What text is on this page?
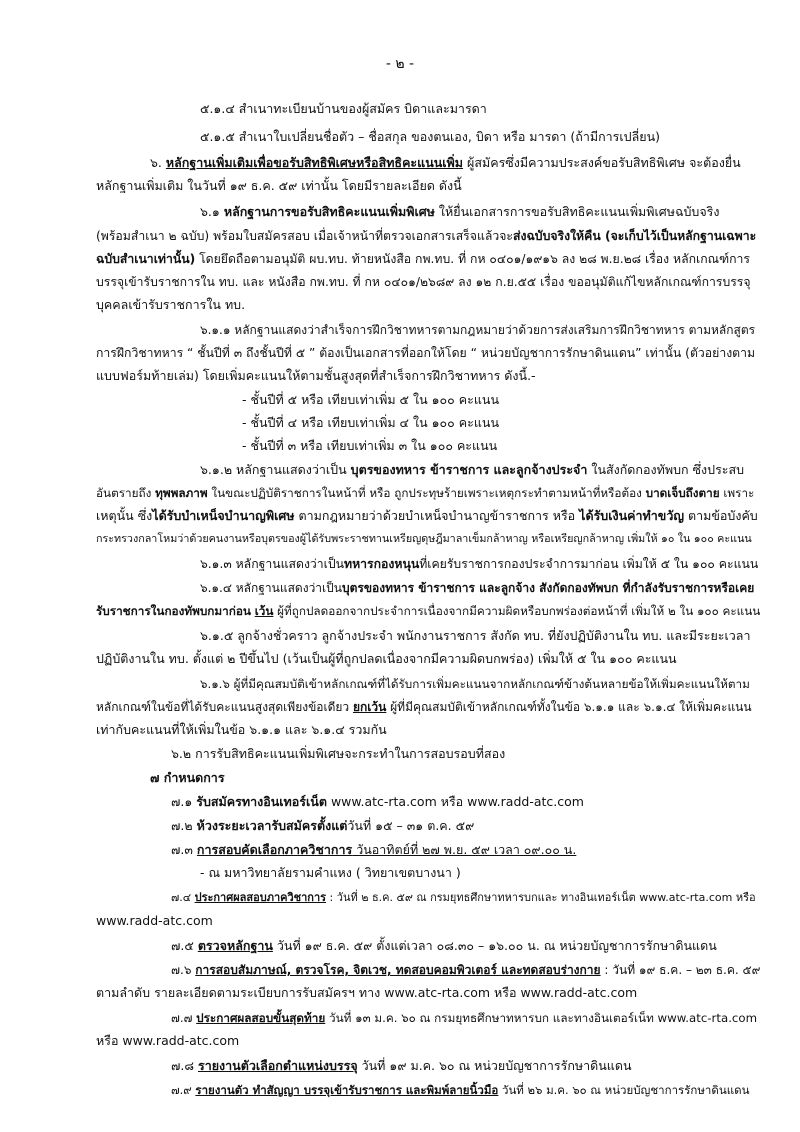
- ๒ -
๕.๑.๔ สำเนาทะเบียนบ้านของผู้สมัคร บิดาและมารดา
๕.๑.๕ สำเนาใบเปลี่ยนชื่อตัว – ชื่อสกุล ของตนเอง, บิดา หรือ มารดา (ถ้ามีการเปลี่ยน)
๖. หลักฐานเพิ่มเติมเพื่อขอรับสิทธิพิเศษหรือสิทธิคะแนนเพิ่ม ผู้สมัครซึ่งมีความประสงค์ขอรับสิทธิพิเศษ จะต้องยื่น
หลักฐานเพิ่มเติม ในวันที่ ๑๙ ธ.ค. ๕๙ เท่านั้น โดยมีรายละเอียด ดังนี้
๖.๑ หลักฐานการขอรับสิทธิคะแนนเพิ่มพิเศษ ให้ยื่นเอกสารการขอรับสิทธิคะแนนเพิ่มพิเศษฉบับจริง
(พร้อมสำเนา ๒ ฉบับ) พร้อมใบสมัครสอบ เมื่อเจ้าหน้าที่ตรวจเอกสารเสร็จแล้วจะส่งฉบับจริงให้คืน (จะเก็บไว้เป็นหลักฐานเฉพาะ
ฉบับสำเนาเท่านั้น) โดยยึดถือตามอนุมัติ ผบ.ทบ. ท้ายหนังสือ กพ.ทบ. ที่ กห ๐๔๐๑/๑๙๑๖ ลง ๒๘ พ.ย.๒๘ เรื่อง หลักเกณฑ์การ
บรรจุเข้ารับราชการใน ทบ. และ หนังสือ กพ.ทบ. ที่ กห ๐๔๐๑/๒๖๘๙ ลง ๑๒ ก.ย.๕๕ เรื่อง ขออนุมัติแก้ไขหลักเกณฑ์การบรรจุ
บุคคลเข้ารับราชการใน ทบ.
๖.๑.๑ หลักฐานแสดงว่าสำเร็จการฝึกวิชาทหารตามกฎหมายว่าด้วยการส่งเสริมการฝึกวิชาทหาร ตามหลักสูตร
การฝึกวิชาทหาร “ ชั้นปีที่ ๓ ถึงชั้นปีที่ ๕ ” ต้องเป็นเอกสารที่ออกให้โดย “ หน่วยบัญชาการรักษาดินแดน” เท่านั้น (ตัวอย่างตาม
แบบฟอร์มท้ายเล่ม) โดยเพิ่มคะแนนให้ตามชั้นสูงสุดที่สำเร็จการฝึกวิชาทหาร ดังนี้.-
- ชั้นปีที่ ๕ หรือ เทียบเท่าเพิ่ม ๕ ใน ๑๐๐ คะแนน
- ชั้นปีที่ ๔ หรือ เทียบเท่าเพิ่ม ๔ ใน ๑๐๐ คะแนน
- ชั้นปีที่ ๓ หรือ เทียบเท่าเพิ่ม ๓ ใน ๑๐๐ คะแนน
๖.๑.๒ หลักฐานแสดงว่าเป็น บุตรของทหาร ข้าราชการ และลูกจ้างประจำ ในสังกัดกองทัพบก ซึ่งประสบ
อันตรายถึง ทุพพลภาพ ในขณะปฏิบัติราชการในหน้าที่ หรือ ถูกประทุษร้ายเพราะเหตุกระทำตามหน้าที่หรือต้อง บาดเจ็บถึงตาย เพราะ
เหตุนั้น ซึ่งได้รับบำเหน็จบำนาญพิเศษ ตามกฎหมายว่าด้วยบำเหน็จบำนาญข้าราชการ หรือ ได้รับเงินค่าทำขวัญ ตามข้อบังคับ
กระทรวงกลาโหมว่าด้วยคนงานหรือบุตรของผู้ได้รับพระราชทานเหรียญดุษฎีมาลาเข็มกล้าหาญ หรือเหรียญกล้าหาญ เพิ่มให้ ๑๐ ใน ๑๐๐ คะแนน
๖.๑.๓ หลักฐานแสดงว่าเป็นทหารกองหนุนที่เคยรับราชการกองประจำการมาก่อน เพิ่มให้ ๕ ใน ๑๐๐ คะแนน
๖.๑.๔ หลักฐานแสดงว่าเป็นบุตรของทหาร ข้าราชการ และลูกจ้าง สังกัดกองทัพบก ที่กำลังรับราชการหรือเคย
รับราชการในกองทัพบกมาก่อน เว้น ผู้ที่ถูกปลดออกจากประจำการเนื่องจากมีความผิดหรือบกพร่องต่อหน้าที่ เพิ่มให้ ๒ ใน ๑๐๐ คะแนน
๖.๑.๕ ลูกจ้างชั่วคราว ลูกจ้างประจำ พนักงานราชการ สังกัด ทบ. ที่ยังปฏิบัติงานใน ทบ. และมีระยะเวลา
ปฏิบัติงานใน ทบ. ตั้งแต่ ๒ ปีขึ้นไป (เว้นเป็นผู้ที่ถูกปลดเนื่องจากมีความผิดบกพร่อง) เพิ่มให้ ๕ ใน ๑๐๐ คะแนน
๖.๑.๖ ผู้ที่มีคุณสมบัติเข้าหลักเกณฑ์ที่ได้รับการเพิ่มคะแนนจากหลักเกณฑ์ข้างต้นหลายข้อให้เพิ่มคะแนนให้ตาม
หลักเกณฑ์ในข้อที่ได้รับคะแนนสูงสุดเพียงข้อเดียว ยกเว้น ผู้ที่มีคุณสมบัติเข้าหลักเกณฑ์ทั้งในข้อ ๖.๑.๑ และ ๖.๑.๔ ให้เพิ่มคะแนน
เท่ากับคะแนนที่ให้เพิ่มในข้อ ๖.๑.๑ และ ๖.๑.๔ รวมกัน
๖.๒ การรับสิทธิคะแนนเพิ่มพิเศษจะกระทำในการสอบรอบที่สอง
๗ กำหนดการ
๗.๑ รับสมัครทางอินเทอร์เน็ต www.atc-rta.com หรือ www.radd-atc.com
๗.๒ ห้วงระยะเวลารับสมัครตั้งแต่วันที่ ๑๕ – ๓๑ ต.ค. ๕๙
๗.๓ การสอบคัดเลือกภาควิชาการ วันอาทิตย์ที่ ๒๗ พ.ย. ๕๙ เวลา ๐๙.๐๐ น.
- ณ มหาวิทยาลัยรามคำแหง ( วิทยาเขตบางนา )
๗.๔ ประกาศผลสอบภาควิชาการ : วันที่ ๒ ธ.ค. ๕๙ ณ กรมยุทธศึกษาทหารบกและ ทางอินเทอร์เน็ต www.atc-rta.com หรือ
www.radd-atc.com
๗.๕ ตรวจหลักฐาน วันที่ ๑๙ ธ.ค. ๕๙ ตั้งแต่เวลา ๐๘.๓๐ – ๑๖.๐๐ น. ณ หน่วยบัญชาการรักษาดินแดน
๗.๖ การสอบสัมภาษณ์, ตรวจโรค, จิตเวช, ทดสอบคอมพิวเตอร์ และทดสอบร่างกาย : วันที่ ๑๙ ธ.ค. – ๒๓ ธ.ค. ๕๙
ตามลำดับ รายละเอียดตามระเบียบการรับสมัครฯ ทาง www.atc-rta.com หรือ www.radd-atc.com
๗.๗ ประกาศผลสอบขั้นสุดท้าย วันที่ ๑๓ ม.ค. ๖๐ ณ กรมยุทธศึกษาทหารบก และทางอินเตอร์เน็ท www.atc-rta.com
หรือ www.radd-atc.com
๗.๘ รายงานตัวเลือกตำแหน่งบรรจุ วันที่ ๑๙ ม.ค. ๖๐ ณ หน่วยบัญชาการรักษาดินแดน
๗.๙ รายงานตัว ทำสัญญา บรรจุเข้ารับราชการ และพิมพ์ลายนิ้วมือ วันที่ ๒๖ ม.ค. ๖๐ ณ หน่วยบัญชาการรักษาดินแดน
